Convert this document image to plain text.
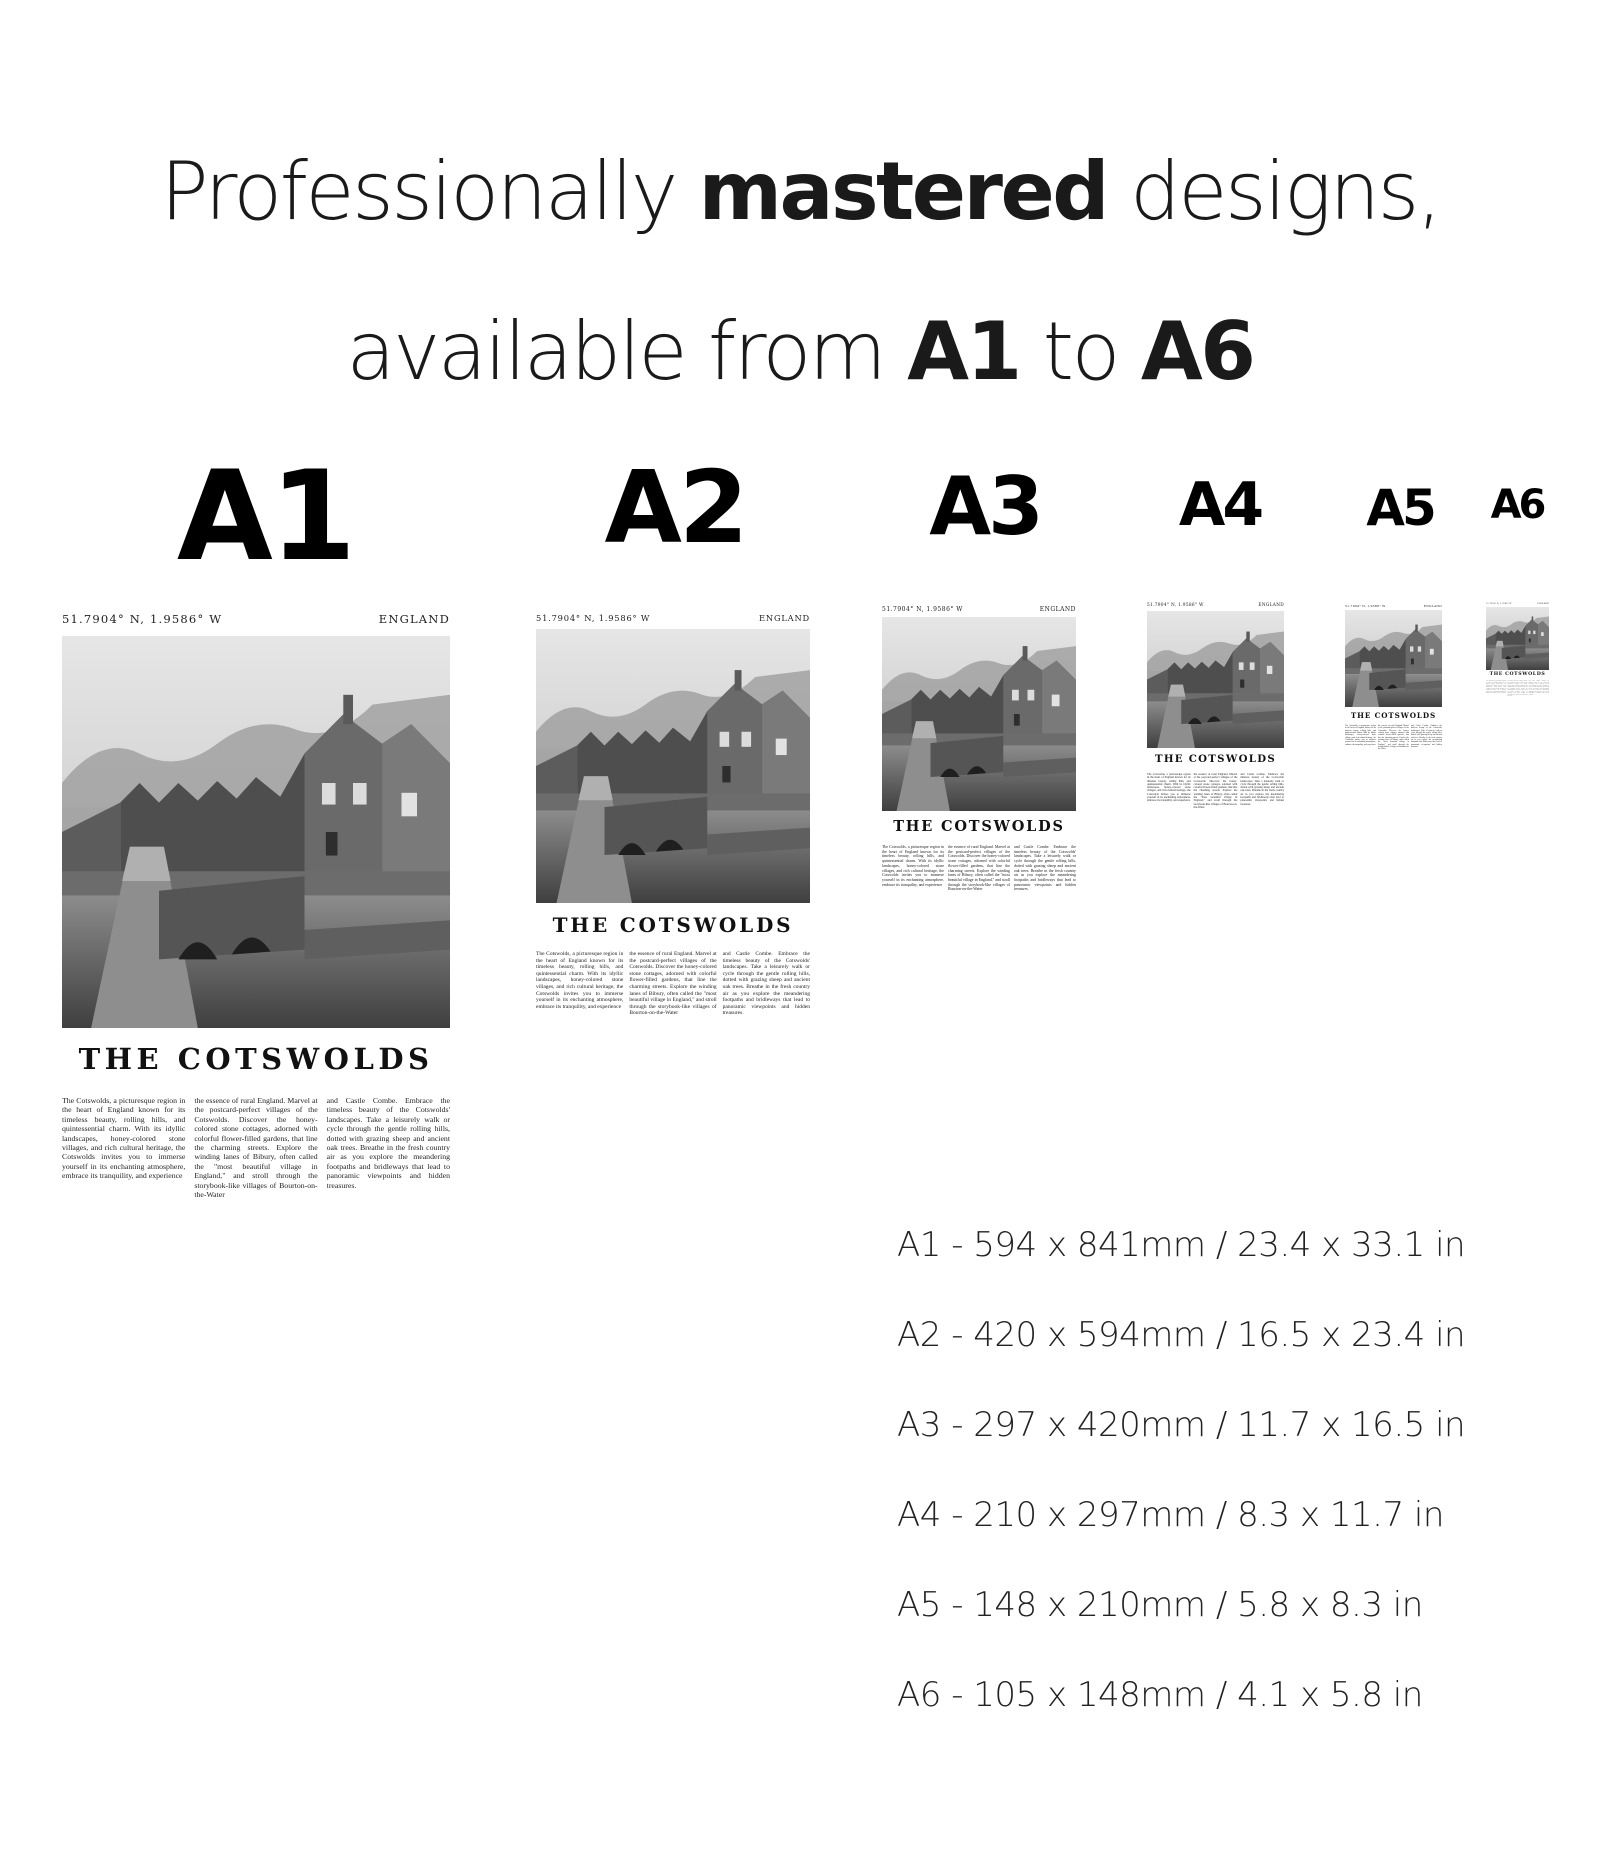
Professionally mastered designs,
available from A1 to A6
A1	A2 A3 A4 A5 A6
51.7904° N, 1.9586° W	ENGLAND
THE COTSWOLDS

The Cotswolds, a picturesque region in the heart of England known for its timeless beauty, rolling hills, and quintessential charm. With its idyllic landscapes, honey-colored stone villages, and rich cultural heritage, the Cotswolds invites you to immerse yourself in its enchanting atmosphere, embrace its tranquility, and experience

the essence of rural England. Marvel at the postcard-perfect villages of the Cotswolds. Discover the honey-colored stone cottages, adorned with colorful flower-filled gardens, that line the charming streets. Explore the winding lanes of Bibury, often called the "most beautiful village in England," and stroll through the storybook-like villages of Bourton-on-the-Water

and Castle Combe. Embrace the timeless beauty of the Cotswolds' landscapes. Take a leisurely walk or cycle through the gentle rolling hills, dotted with grazing sheep and ancient oak trees. Breathe in the fresh country air as you explore the meandering footpaths and bridleways that lead to panoramic viewpoints and hidden treasures.

51.7904° N, 1.9586° W	ENGLAND
THE COTSWOLDS

The Cotswolds, a picturesque region in the heart of England known for its timeless beauty, rolling hills, and quintessential charm. With its idyllic landscapes, honey-colored stone villages, and rich cultural heritage, the Cotswolds invites you to immerse yourself in its enchanting atmosphere, embrace its tranquility, and experience

the essence of rural England. Marvel at the postcard-perfect villages of the Cotswolds. Discover the honey-colored stone cottages, adorned with colorful flower-filled gardens, that line the charming streets. Explore the winding lanes of Bibury, often called the "most beautiful village in England," and stroll through the storybook-like villages of Bourton-on-the-Water

and Castle Combe. Embrace the timeless beauty of the Cotswolds' landscapes. Take a leisurely walk or cycle through the gentle rolling hills, dotted with grazing sheep and ancient oak trees. Breathe in the fresh country air as you explore the meandering footpaths and bridleways that lead to panoramic viewpoints and hidden treasures.

51.7904° N, 1.9586° W	ENGLAND
THE COTSWOLDS

The Cotswolds, a picturesque region in the heart of England known for its timeless beauty, rolling hills, and quintessential charm. With its idyllic landscapes, honey-colored stone villages, and rich cultural heritage, the Cotswolds invites you to immerse yourself in its enchanting atmosphere, embrace its tranquility, and experience

the essence of rural England. Marvel at the postcard-perfect villages of the Cotswolds. Discover the honey-colored stone cottages, adorned with colorful flower-filled gardens, that line the charming streets. Explore the winding lanes of Bibury, often called the "most beautiful village in England," and stroll through the storybook-like villages of Bourton-on-the-Water

and Castle Combe. Embrace the timeless beauty of the Cotswolds' landscapes. Take a leisurely walk or cycle through the gentle rolling hills, dotted with grazing sheep and ancient oak trees. Breathe in the fresh country air as you explore the meandering footpaths and bridleways that lead to panoramic viewpoints and hidden treasures.

51.7904° N, 1.9586° W	ENGLAND
THE COTSWOLDS

The Cotswolds, a picturesque region in the heart of England known for its timeless beauty, rolling hills, and quintessential charm. With its idyllic landscapes, honey-colored stone villages, and rich cultural heritage, the Cotswolds invites you to immerse yourself in its enchanting atmosphere, embrace its tranquility, and experience

the essence of rural England. Marvel at the postcard-perfect villages of the Cotswolds. Discover the honey-colored stone cottages, adorned with colorful flower-filled gardens, that line the charming streets. Explore the winding lanes of Bibury, often called the "most beautiful village in England," and stroll through the storybook-like villages of Bourton-on-the-Water

and Castle Combe. Embrace the timeless beauty of the Cotswolds' landscapes. Take a leisurely walk or cycle through the gentle rolling hills, dotted with grazing sheep and ancient oak trees. Breathe in the fresh country air as you explore the meandering footpaths and bridleways that lead to panoramic viewpoints and hidden treasures.

51.7904° N, 1.9586° W	ENGLAND
THE COTSWOLDS

The Cotswolds, a picturesque region in the heart of England known for its timeless beauty, rolling hills, and quintessential charm. With its idyllic landscapes, honey-colored stone villages, and rich cultural heritage, the Cotswolds invites you to immerse yourself in its enchanting atmosphere, embrace its tranquility, and experience

the essence of rural England. Marvel at the postcard-perfect villages of the Cotswolds. Discover the honey-colored stone cottages, adorned with colorful flower-filled gardens, that line the charming streets. Explore the winding lanes of Bibury, often called the "most beautiful village in England," and stroll through the storybook-like villages of Bourton-on-the-Water

and Castle Combe. Embrace the timeless beauty of the Cotswolds' landscapes. Take a leisurely walk or cycle through the gentle rolling hills, dotted with grazing sheep and ancient oak trees. Breathe in the fresh country air as you explore the meandering footpaths and bridleways that lead to panoramic viewpoints and hidden treasures.

51.7904° N, 1.9586° W	ENGLAND
THE COTSWOLDS

The Cotswolds, a picturesque region in the heart of England known for its timeless beauty, rolling hills, and quintessential charm. With its idyllic landscapes, honey-colored stone villages, and rich cultural heritage, the Cotswolds invites you to immerse yourself in its enchanting atmosphere, embrace its tranquility, and experience

the essence of rural England. Marvel at the postcard-perfect villages of the Cotswolds. Discover the honey-colored stone cottages, adorned with colorful flower-filled gardens, that line the charming streets. Explore the winding lanes of Bibury, often called the "most beautiful village in England," and stroll through the storybook-like villages of Bourton-on-the-Water

and Castle Combe. Embrace the timeless beauty of the Cotswolds' landscapes. Take a leisurely walk or cycle through the gentle rolling hills, dotted with grazing sheep and ancient oak trees. Breathe in the fresh country air as you explore the meandering footpaths and bridleways that lead to panoramic viewpoints and hidden treasures.

A1 - 594 x 841mm / 23.4 x 33.1 in
A2 - 420 x 594mm / 16.5 x 23.4 in
A3 - 297 x 420mm / 11.7 x 16.5 in
A4 - 210 x 297mm / 8.3 x 11.7 in
A5 - 148 x 210mm / 5.8 x 8.3 in
A6 - 105 x 148mm / 4.1 x 5.8 in
